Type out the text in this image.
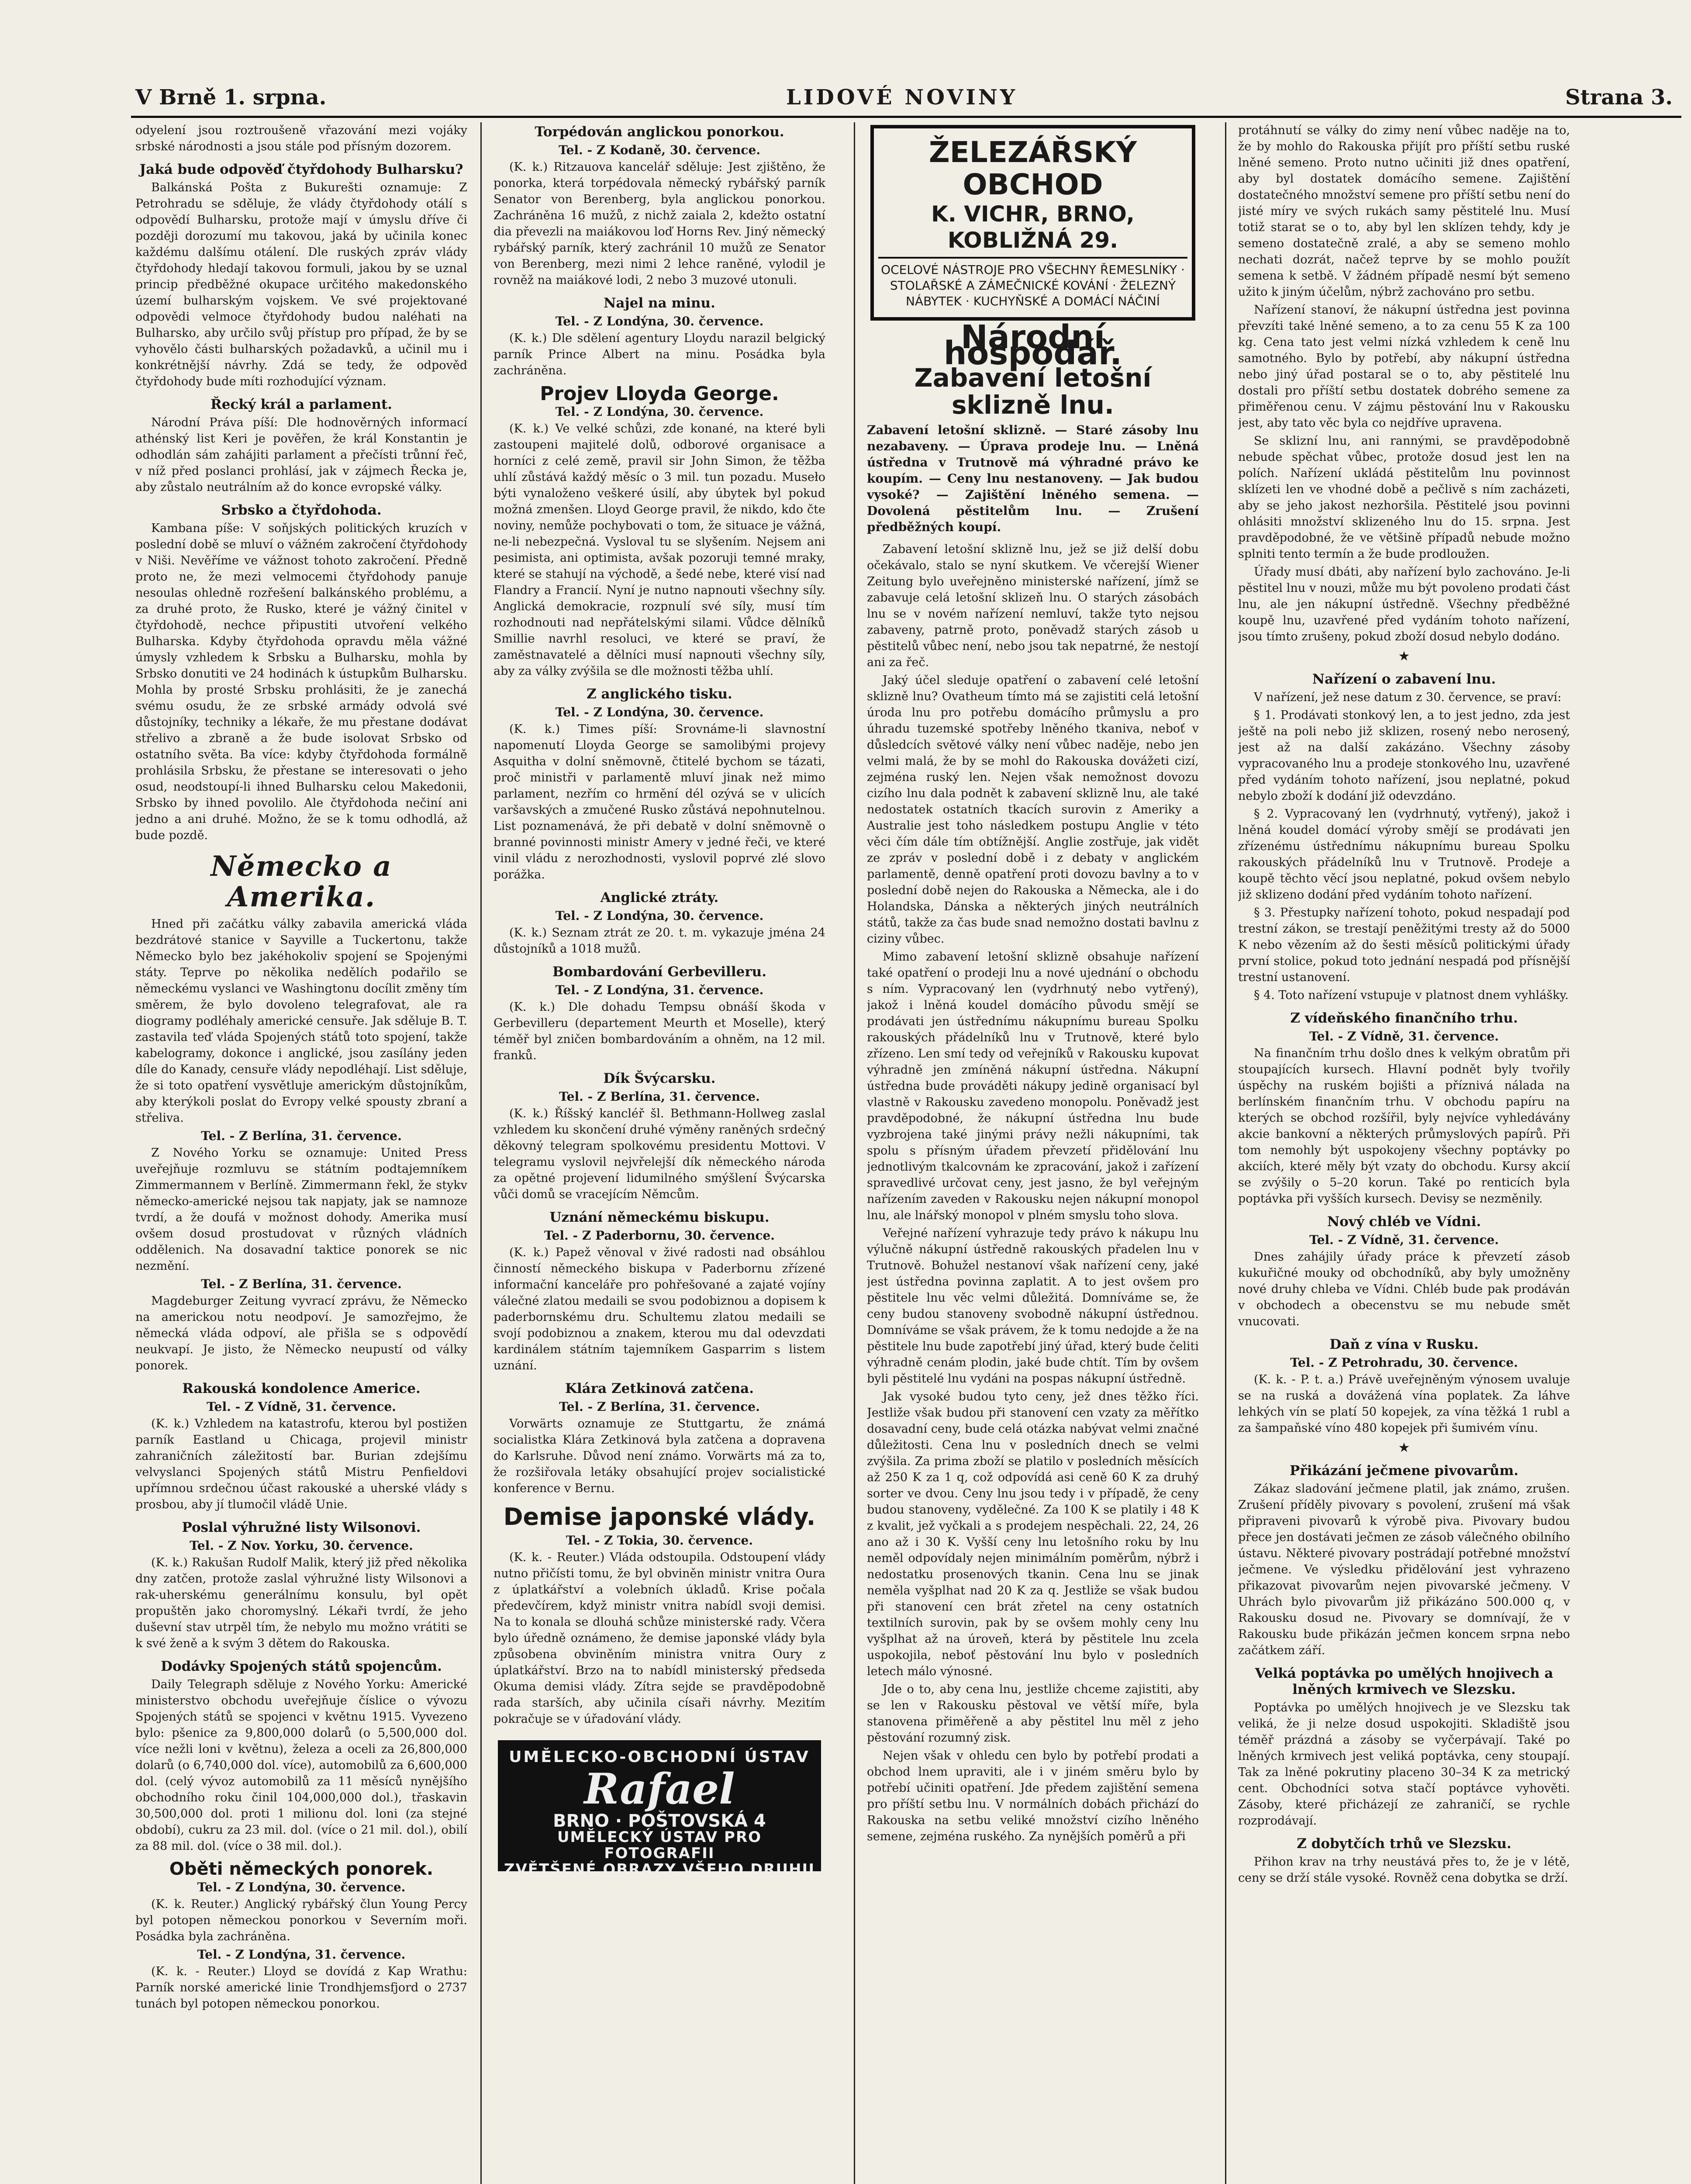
V Brně 1. srpna.	LIDOVÉ NOVINY	Strana 3.

odyelení jsou roztroušeně vřazování mezi vojáky srbské národnosti a jsou stále pod přísným dozorem.

Jaká bude odpověď čtyřdohody Bulharsku?

Balkánská Pošta z Bukurešti oznamuje: Z Petrohradu se sděluje, že vlády čtyřdohody otálí s odpovědí Bulharsku, protože mají v úmyslu dříve či později dorozumí mu takovou, jaká by učinila konec každému dalšímu otálení. Dle ruských zpráv vlády čtyřdohody hledají takovou formuli, jakou by se uznal princip předběžné okupace určitého makedonského území bulharským vojskem. Ve své projektované odpovědi velmoce čtyřdohody budou naléhati na Bulharsko, aby určilo svůj přístup pro případ, že by se vyhovělo části bulharských požadavků, a učinil mu i konkrétnější návrhy. Zdá se tedy, že odpověď čtyřdohody bude míti rozhodující význam.

Řecký král a parlament.

Národní Práva píší: Dle hodnověrných informací athénský list Keri je pověřen, že král Konstantin je odhodlán sám zahájiti parlament a přečísti trůnní řeč, v níž před poslanci prohlásí, jak v zájmech Řecka je, aby zůstalo neutrálním až do konce evropské války.

Srbsko a čtyřdohoda.

Kambana píše: V soňjských politických kruzích v poslední době se mluví o vážném zakročení čtyřdohody v Niši. Nevěříme ve vážnost tohoto zakročení. Předně proto ne, že mezi velmocemi čtyřdohody panuje nesoulas ohledně rozřešení balkánského problému, a za druhé proto, že Rusko, které je vážný činitel v čtyřdohodě, nechce připustiti utvoření velkého Bulharska. Kdyby čtyřdohoda opravdu měla vážné úmysly vzhledem k Srbsku a Bulharsku, mohla by Srbsko donutiti ve 24 hodinách k ústupkům Bulharsku. Mohla by prosté Srbsku prohlásiti, že je zanechá svému osudu, že ze srbské armády odvolá své důstojníky, techniky a lékaře, že mu přestane dodávat střelivo a zbraně a že bude isolovat Srbsko od ostatního světa. Ba více: kdyby čtyřdohoda formálně prohlásila Srbsku, že přestane se interesovati o jeho osud, neodstoupí-li ihned Bulharsku celou Makedonii, Srbsko by ihned povolilo. Ale čtyřdohoda nečiní ani jedno a ani druhé. Možno, že se k tomu odhodlá, až bude pozdě.

Německo a Amerika.

Hned při začátku války zabavila americká vláda bezdrátové stanice v Sayville a Tuckertonu, takže Německo bylo bez jakéhokoliv spojení se Spojenými státy. Teprve po několika nedělích podařilo se německému vyslanci ve Washingtonu docílit změny tím směrem, že bylo dovoleno telegrafovat, ale ra diogramy podléhaly americké censuře. Jak sděluje B. T. zastavila teď vláda Spojených států toto spojení, takže kabelogramy, dokonce i anglické, jsou zasílány jeden díle do Kanady, censuře vlády nepodléhají. List sděluje, že si toto opatření vysvětluje americkým důstojníkům, aby kterýkoli poslat do Evropy velké spousty zbraní a střeliva.

Tel. - Z Berlína, 31. července.

Z Nového Yorku se oznamuje: United Press uveřejňuje rozmluvu se státním podtajemníkem Zimmermannem v Berlíně. Zimmermann řekl, že stykv německo-americké nejsou tak napjaty, jak se namnoze tvrdí, a že doufá v možnost dohody. Amerika musí ovšem dosud prostudovat v různých vládních oddělenich. Na dosavadní taktice ponorek se nic nezmění.

Tel. - Z Berlína, 31. července.

Magdeburger Zeitung vyvrací zprávu, že Německo na americkou notu neodpoví. Je samozřejmo, že německá vláda odpoví, ale přišla se s odpovědí neukvapí. Je jisto, že Německo neupustí od války ponorek.

Rakouská kondolence Americe.
Tel. - Z Vídně, 31. července.

(K. k.) Vzhledem na katastrofu, kterou byl postižen parník Eastland u Chicaga, projevil ministr zahraničních záležitostí bar. Burian zdejšímu velvyslanci Spojených států Mistru Penfieldovi upřímnou srdečnou účast rakouské a uherské vlády s prosbou, aby jí tlumočil vládě Unie.

Poslal výhružné listy Wilsonovi.
Tel. - Z Nov. Yorku, 30. července.

(K. k.) Rakušan Rudolf Malik, který již před několika dny zatčen, protože zaslal výhružné listy Wilsonovi a rak-uherskému generálnímu konsulu, byl opět propuštěn jako choromyslný. Lékaři tvrdí, že jeho duševní stav utrpěl tím, že nebylo mu možno vrátiti se k své ženě a k svým 3 dětem do Rakouska.

Dodávky Spojených států spojencům.

Daily Telegraph sděluje z Nového Yorku: Americké ministerstvo obchodu uveřejňuje číslice o vývozu Spojených států se spojenci v květnu 1915. Vyvezeno bylo: pšenice za 9,800,000 dolarů (o 5,500,000 dol. více nežli loni v květnu), železa a oceli za 26,800,000 dolarů (o 6,740,000 dol. více), automobilů za 6,600,000 dol. (celý vývoz automobilů za 11 měsíců nynějšího obchodního roku činil 104,000,000 dol.), třaskavin 30,500,000 dol. proti 1 milionu dol. loni (za stejné období), cukru za 23 mil. dol. (více o 21 mil. dol.), obilí za 88 mil. dol. (více o 38 mil. dol.).

Oběti německých ponorek.
Tel. - Z Londýna, 30. července.

(K. k. Reuter.) Anglický rybářský člun Young Percy byl potopen německou ponorkou v Severním moři. Posádka byla zachráněna.

Tel. - Z Londýna, 31. července.

(K. k. - Reuter.) Lloyd se dovídá z Kap Wrathu: Parník norské americké linie Trondhjemsfjord o 2737 tunách byl potopen německou ponorkou.

Torpédován anglickou ponorkou.
Tel. - Z Kodaně, 30. července.

(K. k.) Ritzauova kancelář sděluje: Jest zjištěno, že ponorka, která torpédovala německý rybářský parník Senator von Berenberg, byla anglickou ponorkou. Zachráněna 16 mužů, z nichž zaiala 2, kdežto ostatní dia převezli na maiákovou loď Horns Rev. Jiný německý rybářský parník, který zachránil 10 mužů ze Senator von Berenberg, mezi nimi 2 lehce raněné, vylodil je rovněž na maiákové lodi, 2 nebo 3 muzové utonuli.

Najel na minu.
Tel. - Z Londýna, 30. července.

(K. k.) Dle sdělení agentury Lloydu narazil belgický parník Prince Albert na minu. Posádka byla zachráněna.

Projev Lloyda George.
Tel. - Z Londýna, 30. července.

(K. k.) Ve velké schůzi, zde konané, na které byli zastoupeni majitelé dolů, odborové organisace a horníci z celé země, pravil sir John Simon, že těžba uhlí zůstává každý měsíc o 3 mil. tun pozadu. Museło býti vynaloženo veškeré úsilí, aby úbytek byl pokud možná zmenšen. Lloyd George pravil, že nikdo, kdo čte noviny, nemůže pochybovati o tom, že situace je vážná, ne-li nebezpečná. Vysloval tu se slyšením. Nejsem ani pesimista, ani optimista, avšak pozoruji temné mraky, které se stahují na východě, a šedé nebe, které visí nad Flandry a Francií. Nyní je nutno napnouti všechny síly. Anglická demokracie, rozpnulí své síly, musí tím rozhodnouti nad nepřátelskými silami. Vůdce dělníků Smillie navrhl resoluci, ve které se praví, že zaměstnavatelé a dělníci musí napnouti všechny síly, aby za války zvýšila se dle možnosti těžba uhlí.

Z anglického tisku.
Tel. - Z Londýna, 30. července.

(K. k.) Times píší: Srovnáme-li slavnostní napomenutí Lloyda George se samolibými projevy Asquitha v dolní sněmovně, čtitelé bychom se tázati, proč ministři v parlamentě mluví jinak než mimo parlament, nezřím co hrmění dél ozývá se v ulicích varšavských a zmučené Rusko zůstává nepohnutelnou. List poznamenává, že při debatě v dolní sněmovně o branné povinnosti ministr Amery v jedné řeči, ve které vinil vládu z nerozhodnosti, vyslovil poprvé zlé slovo porážka.

Anglické ztráty.
Tel. - Z Londýna, 30. července.

(K. k.) Seznam ztrát ze 20. t. m. vykazuje jména 24 důstojníků a 1018 mužů.

Bombardování Gerbevilleru.
Tel. - Z Londýna, 31. července.

(K. k.) Dle dohadu Tempsu obnáší škoda v Gerbevilleru (departement Meurth et Moselle), který téměř byl zničen bombardováním a ohněm, na 12 mil. franků.

Dík Švýcarsku.
Tel. - Z Berlína, 31. července.

(K. k.) Říšský kancléř šl. Bethmann-Hollweg zaslal vzhledem ku skončení druhé výměny raněných srdečný děkovný telegram spolkovému presidentu Mottovi. V telegramu vyslovil nejvřelejší dík německého národa za opětné projevení lidumilného smýšlení Švýcarska vůči domů se vracejícím Němcům.

Uznání německému biskupu.
Tel. - Z Paderbornu, 30. července.

(K. k.) Papež věnoval v živé radosti nad obsáhlou činností německého biskupa v Paderbornu zřízené informační kanceláře pro pohřešované a zajaté vojíny válečné zlatou medaili se svou podobiznou a dopisem k paderbornskému dru. Schultemu zlatou medaili se svojí podobiznou a znakem, kterou mu dal odevzdati kardinálem státním tajemníkem Gasparrim s listem uznání.

Klára Zetkinová zatčena.
Tel. - Z Berlína, 31. července.

Vorwärts oznamuje ze Stuttgartu, že známá socialistka Klára Zetkinová byla zatčena a dopravena do Karlsruhe. Důvod není známo. Vorwärts má za to, že rozšiřovala letáky obsahující projev socialistické konference v Bernu.

Demise japonské vlády.
Tel. - Z Tokia, 30. července.

(K. k. - Reuter.) Vláda odstoupila. Odstoupení vlády nutno přičísti tomu, že byl obviněn ministr vnitra Oura z úplatkářství a volebních úkladů. Krise počala předevčírem, když ministr vnitra nabídl svoji demisi. Na to konala se dlouhá schůze ministerské rady. Včera bylo úředně oznámeno, že demise japonské vlády byla způsobena obviněním ministra vnitra Oury z úplatkářství. Brzo na to nabídl ministerský předseda Okuma demisi vlády. Zítra sejde se pravděpodobně rada starších, aby učinila císaři návrhy. Mezitím pokračuje se v úřadování vlády.

UMĚLECKO-OBCHODNÍ ÚSTAV
Rafael
BRNO · POŠTOVSKÁ 4
UMĚLECKÝ ÚSTAV PRO FOTOGRAFII
ZVĚTŠENÉ OBRAZY VŠEHO DRUHU
ŽELEZÁŘSKÝ OBCHOD
K. VICHR, BRNO, KOBLIŽNÁ 29.
OCELOVÉ NÁSTROJE PRO VŠECHNY ŘEMESLNÍKY · STOLAŘSKÉ A ZÁMEČNICKÉ KOVÁNÍ · ŽELEZNÝ NÁBYTEK · KUCHYŇSKÉ A DOMÁCÍ NÁČINÍ
Národní hospodář.
Zabavení letošní sklizně lnu.
Zabavení letošní sklizně. — Staré zásoby lnu nezabaveny. — Úprava prodeje lnu. — Lněná ústředna v Trutnově má výhradné právo ke koupím. — Ceny lnu nestanoveny. — Jak budou vysoké? — Zajištění lněného semena. — Dovolená pěstitelům lnu. — Zrušení předběžných koupí.

Zabavení letošní sklizně lnu, jež se již delší dobu očekávalo, stalo se nyní skutkem. Ve včerejší Wiener Zeitung bylo uveřejněno ministerské nařízení, jímž se zabavuje celá letošní sklizeň lnu. O starých zásobách lnu se v novém nařízení nemluví, takže tyto nejsou zabaveny, patrně proto, poněvadž starých zásob u pěstitelů vůbec není, nebo jsou tak nepatrné, že nestojí ani za řeč.

Jaký účel sleduje opatření o zabavení celé letošní sklizně lnu? Ovatheum tímto má se zajistiti celá letošní úroda lnu pro potřebu domácího průmyslu a pro úhradu tuzemské spotřeby lněného tkaniva, neboť v důsledcích světové války není vůbec naděje, nebo jen velmi malá, že by se mohl do Rakouska dovážeti cizí, zejména ruský len. Nejen však nemožnost dovozu cizího lnu dala podnět k zabavení sklizně lnu, ale také nedostatek ostatních tkacích surovin z Ameriky a Australie jest toho následkem postupu Anglie v této věci čím dále tím obtížnější. Anglie zostřuje, jak vidět ze zpráv v poslední době i z debaty v anglickém parlamentě, denně opatření proti dovozu bavlny a to v poslední době nejen do Rakouska a Německa, ale i do Holandska, Dánska a některých jiných neutrálních států, takže za čas bude snad nemožno dostati bavlnu z ciziny vůbec.

Mimo zabavení letošní sklizně obsahuje nařízení také opatření o prodeji lnu a nové ujednání o obchodu s ním. Vypracovaný len (vydrhnutý nebo vytřený), jakož i lněná koudel domácího původu smějí se prodávati jen ústřednímu nákupnímu bureau Spolku rakouských přádelníků lnu v Trutnově, které bylo zřízeno. Len smí tedy od veřejníků v Rakousku kupovat výhradně jen zmíněná nákupní ústředna. Nákupní ústředna bude prováděti nákupy jedině organisací byl vlastně v Rakousku zavedeno monopolu. Poněvadž jest pravděpodobné, že nákupní ústředna lnu bude vyzbrojena také jinými právy nežli nákupními, tak spolu s přísným úřadem převzetí přidělování lnu jednotlivým tkalcovnám ke zpracování, jakož i zařízení spravedlivé určovat ceny, jest jasno, že byl veřejným nařízením zaveden v Rakousku nejen nákupní monopol lnu, ale lnářský monopol v plném smyslu toho slova.

Veřejné nařízení vyhrazuje tedy právo k nákupu lnu výlučně nákupní ústředně rakouských přadelen lnu v Trutnově. Bohužel nestanoví však nařízení ceny, jaké jest ústředna povinna zaplatit. A to jest ovšem pro pěstitele lnu věc velmi důležitá. Domníváme se, že ceny budou stanoveny svobodně nákupní ústřednou. Domníváme se však právem, že k tomu nedojde a že na pěstitele lnu bude zapotřebí jiný úřad, který bude čeliti výhradně cenám plodin, jaké bude chtít. Tím by ovšem byli pěstitelé lnu vydáni na pospas nákupní ústředně.

Jak vysoké budou tyto ceny, jež dnes těžko říci. Jestliže však budou při stanovení cen vzaty za měřítko dosavadní ceny, bude celá otázka nabývat velmi značné důležitosti. Cena lnu v posledních dnech se velmi zvýšila. Za prima zboží se platilo v posledních měsících až 250 K za 1 q, což odpovídá asi ceně 60 K za druhý sorter ve dvou. Ceny lnu jsou tedy i v případě, že ceny budou stanoveny, vydělečné. Za 100 K se platily i 48 K z kvalit, jež vyčkali a s prodejem nespěchali. 22, 24, 26 ano až i 30 K. Vyšší ceny lnu letošního roku by lnu neměl odpovídaly nejen minimálním poměrům, nýbrž i nedostatku prosenových tkanin. Cena lnu se jinak neměla vyšplhat nad 20 K za q. Jestliže se však budou při stanovení cen brát zřetel na ceny ostatních textilních surovin, pak by se ovšem mohly ceny lnu vyšplhat až na úroveň, která by pěstitele lnu zcela uspokojila, neboť pěstování lnu bylo v posledních letech málo výnosné.

Jde o to, aby cena lnu, jestliže chceme zajistiti, aby se len v Rakousku pěstoval ve větší míře, byla stanovena přiměřeně a aby pěstitel lnu měl z jeho pěstování rozumný zisk.

Nejen však v ohledu cen bylo by potřebí prodati a obchod lnem upraviti, ale i v jiném směru bylo by potřebí učiniti opatření. Jde předem zajištění semena pro příští setbu lnu. V normálních dobách přichází do Rakouska na setbu veliké množství cizího lněného semene, zejména ruského. Za nynějších poměrů a při

protáhnutí se války do zimy není vůbec naděje na to, že by mohlo do Rakouska přijít pro příští setbu ruské lněné semeno. Proto nutno učiniti již dnes opatření, aby byl dostatek domácího semene. Zajištění dostatečného množství semene pro příští setbu není do jisté míry ve svých rukách samy pěstitelé lnu. Musí totiž starat se o to, aby byl len sklízen tehdy, kdy je semeno dostatečně zralé, a aby se semeno mohlo nechati dozrát, načež teprve by se mohlo použít semena k setbě. V žádném případě nesmí být semeno užito k jiným účelům, nýbrž zachováno pro setbu.

Nařízení stanoví, že nákupní ústředna jest povinna převzíti také lněné semeno, a to za cenu 55 K za 100 kg. Cena tato jest velmi nízká vzhledem k ceně lnu samotného. Bylo by potřebí, aby nákupní ústředna nebo jiný úřad postaral se o to, aby pěstitelé lnu dostali pro příští setbu dostatek dobrého semene za přiměřenou cenu. V zájmu pěstování lnu v Rakousku jest, aby tato věc byla co nejdříve upravena.

Se sklizní lnu, ani rannými, se pravděpodobně nebude spěchat vůbec, protože dosud jest len na polích. Nařízení ukládá pěstitelům lnu povinnost sklízeti len ve vhodné době a pečlivě s ním zacházeti, aby se jeho jakost nezhoršila. Pěstitelé jsou povinni ohlásiti množství sklizeného lnu do 15. srpna. Jest pravděpodobné, že ve většině případů nebude možno splniti tento termín a že bude prodloužen.

Úřady musí dbáti, aby nařízení bylo zachováno. Je-li pěstitel lnu v nouzi, může mu být povoleno prodati část lnu, ale jen nákupní ústředně. Všechny předběžné koupě lnu, uzavřené před vydáním tohoto nařízení, jsou tímto zrušeny, pokud zboží dosud nebylo dodáno.

★
Nařízení o zabavení lnu.

V nařízení, jež nese datum z 30. července, se praví:

§ 1. Prodávati stonkový len, a to jest jedno, zda jest ještě na poli nebo již sklizen, rosený nebo nerosený, jest až na další zakázáno. Všechny zásoby vypracovaného lnu a prodeje stonkového lnu, uzavřené před vydáním tohoto nařízení, jsou neplatné, pokud nebylo zboží k dodání již odevzdáno.

§ 2. Vypracovaný len (vydrhnutý, vytřený), jakož i lněná koudel domácí výroby smějí se prodávati jen zřízenému ústřednímu nákupnímu bureau Spolku rakouských přádelníků lnu v Trutnově. Prodeje a koupě těchto věcí jsou neplatné, pokud ovšem nebylo již sklizeno dodání před vydáním tohoto nařízení.

§ 3. Přestupky nařízení tohoto, pokud nespadají pod trestní zákon, se trestají peněžitými tresty až do 5000 K nebo vězením až do šesti měsíců politickými úřady první stolice, pokud toto jednání nespadá pod přísnější trestní ustanovení.

§ 4. Toto nařízení vstupuje v platnost dnem vyhlášky.

Z vídeňského finančního trhu.
Tel. - Z Vídně, 31. července.

Na finančním trhu došlo dnes k velkým obratům při stoupajících kursech. Hlavní podnět byly tvořily úspěchy na ruském bojišti a příznivá nálada na berlínském finančním trhu. V obchodu papíru na kterých se obchod rozšířil, byly nejvíce vyhledávány akcie bankovní a některých průmyslových papírů. Při tom nemohly být uspokojeny všechny poptávky po akciích, které měly být vzaty do obchodu. Kursy akcií se zvýšily o 5–20 korun. Také po renticích byla poptávka při vyšších kursech. Devisy se nezměnily.

Nový chléb ve Vídni.
Tel. - Z Vídně, 31. července.

Dnes zahájily úřady práce k převzetí zásob kukuřičné mouky od obchodníků, aby byly umožněny nové druhy chleba ve Vídni. Chléb bude pak prodáván v obchodech a obecenstvu se mu nebude smět vnucovati.

Daň z vína v Rusku.
Tel. - Z Petrohradu, 30. července.

(K. k. - P. t. a.) Právě uveřejněným výnosem uvaluje se na ruská a dovážená vína poplatek. Za láhve lehkých vín se platí 50 kopejek, za vína těžká 1 rubl a za šampaňské víno 480 kopejek při šumivém vínu.

★
Přikázání ječmene pivovarům.

Zákaz sladování ječmene platil, jak známo, zrušen. Zrušení příděly pivovary s povolení, zrušení má však připraveni pivovarů k výrobě piva. Pivovary budou přece jen dostávati ječmen ze zásob válečného obilního ústavu. Některé pivovary postrádají potřebné množství ječmene. Ve výsledku přidělování jest vyhrazeno přikazovat pivovarům nejen pivovarské ječmeny. V Uhrách bylo pivovarům již přikázáno 500.000 q, v Rakousku dosud ne. Pivovary se domnívají, že v Rakousku bude přikázán ječmen koncem srpna nebo začátkem září.

Velká poptávka po umělých hnojivech a lněných krmivech ve Slezsku.

Poptávka po umělých hnojivech je ve Slezsku tak veliká, že ji nelze dosud uspokojiti. Skladiště jsou téměř prázdná a zásoby se vyčerpávají. Také po lněných krmivech jest veliká poptávka, ceny stoupají. Tak za lněné pokrutiny placeno 30–34 K za metrický cent. Obchodníci sotva stačí poptávce vyhověti. Zásoby, které přicházejí ze zahraničí, se rychle rozprodávají.

Z dobytčích trhů ve Slezsku.

Přihon krav na trhy neustává přes to, že je v létě, ceny se drží stále vysoké. Rovněž cena dobytka se drží.
